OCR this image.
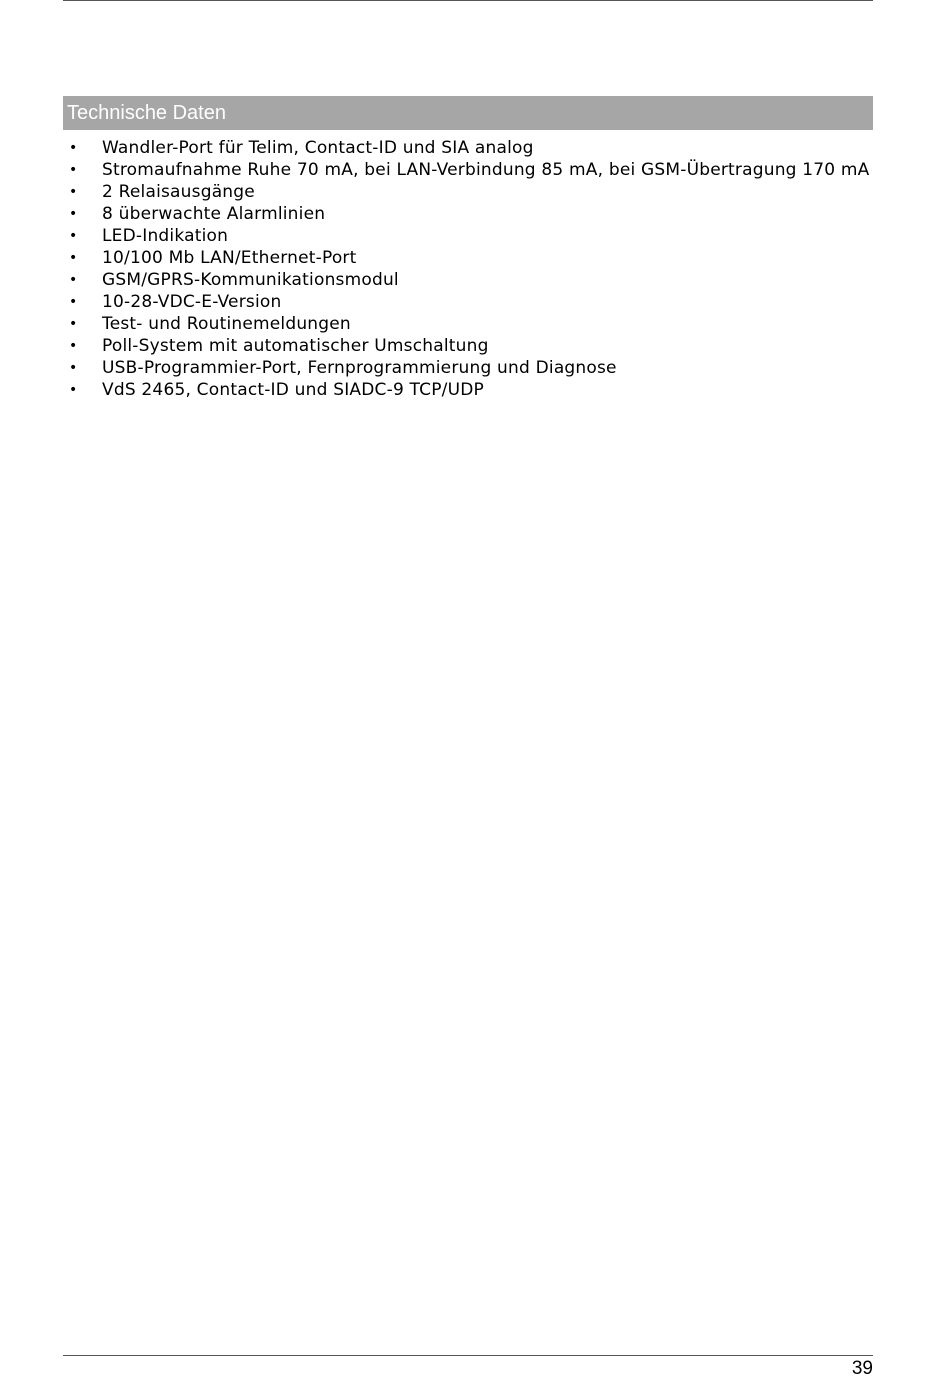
Technische Daten
• Wandler-Port für Telim, Contact-ID und SIA analog
• Stromaufnahme Ruhe 70 mA, bei LAN-Verbindung 85 mA, bei GSM-Übertragung 170 mA
• 2 Relaisausgänge
• 8 überwachte Alarmlinien
• LED-Indikation
• 10/100 Mb LAN/Ethernet-Port
• GSM/GPRS-Kommunikationsmodul
• 10-28-VDC-E-Version
• Test- und Routinemeldungen
• Poll-System mit automatischer Umschaltung
• USB-Programmier-Port, Fernprogrammierung und Diagnose
• VdS 2465, Contact-ID und SIADC-9 TCP/UDP
39
